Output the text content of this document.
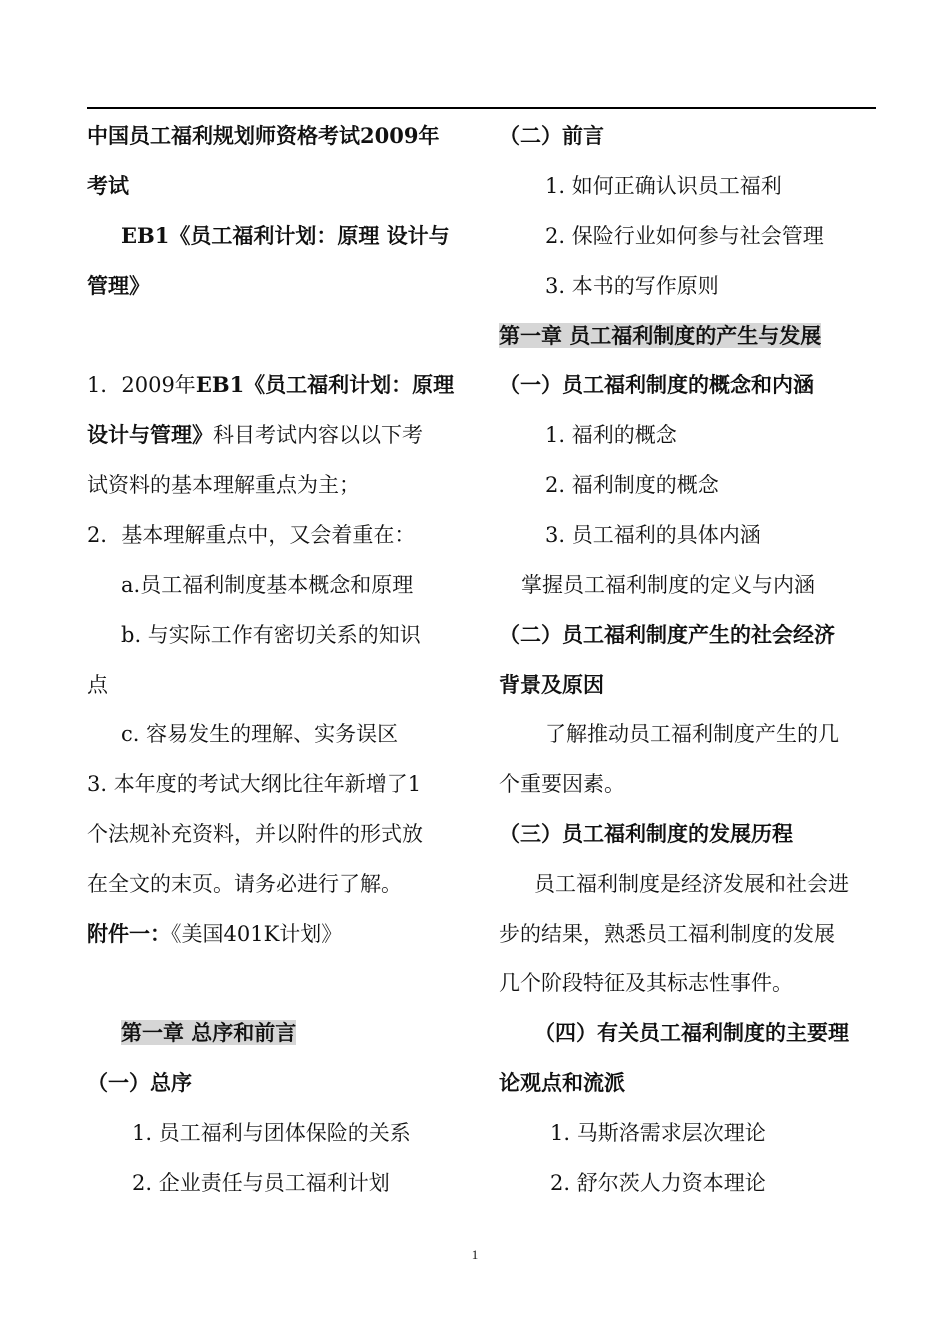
中国员工福利规划师资格考试2009年
考试
EB1《员工福利计划：原理 设计与
管理》
1．2009年EB1《员工福利计划：原理
设计与管理》科目考试内容以以下考
试资料的基本理解重点为主；
2．基本理解重点中，又会着重在：
a.员工福利制度基本概念和原理
b. 与实际工作有密切关系的知识
点
c. 容易发生的理解、实务误区
3. 本年度的考试大纲比往年新增了1
个法规补充资料，并以附件的形式放
在全文的末页。请务必进行了解。
附件一：《美国401K计划》
第一章 总序和前言
（一）总序
1. 员工福利与团体保险的关系
2. 企业责任与员工福利计划
（二）前言
1. 如何正确认识员工福利
2. 保险行业如何参与社会管理
3. 本书的写作原则
第一章 员工福利制度的产生与发展
（一）员工福利制度的概念和内涵
1. 福利的概念
2. 福利制度的概念
3. 员工福利的具体内涵
掌握员工福利制度的定义与内涵
（二）员工福利制度产生的社会经济
背景及原因
了解推动员工福利制度产生的几
个重要因素。
（三）员工福利制度的发展历程
员工福利制度是经济发展和社会进
步的结果，熟悉员工福利制度的发展
几个阶段特征及其标志性事件。
（四）有关员工福利制度的主要理
论观点和流派
1. 马斯洛需求层次理论
2. 舒尔茨人力资本理论
1
